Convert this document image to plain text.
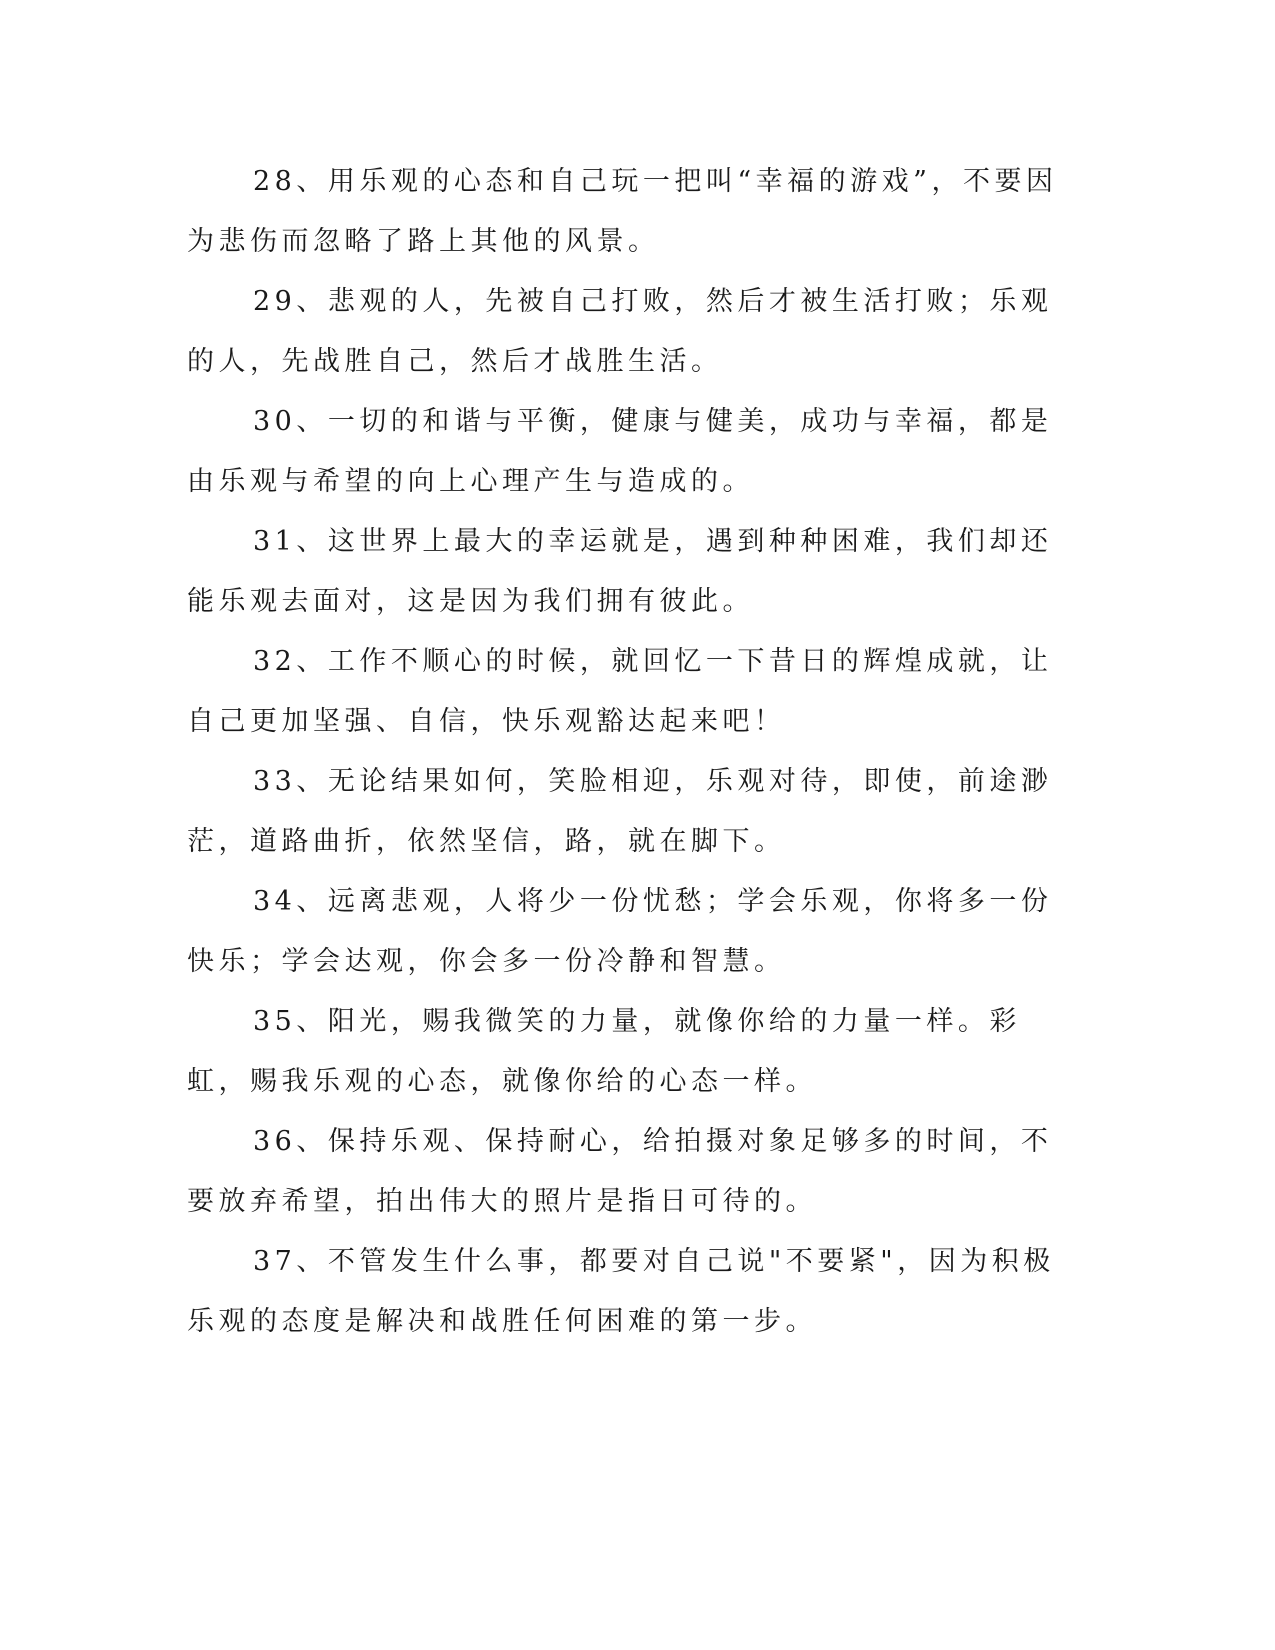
28、用乐观的心态和自己玩一把叫“幸福的游戏”，不要因为悲伤而忽略了路上其他的风景。

29、悲观的人，先被自己打败，然后才被生活打败；乐观的人，先战胜自己，然后才战胜生活。

30、一切的和谐与平衡，健康与健美，成功与幸福，都是由乐观与希望的向上心理产生与造成的。

31、这世界上最大的幸运就是，遇到种种困难，我们却还能乐观去面对，这是因为我们拥有彼此。

32、工作不顺心的时候，就回忆一下昔日的辉煌成就，让自己更加坚强、自信，快乐观豁达起来吧！

33、无论结果如何，笑脸相迎，乐观对待，即使，前途渺茫，道路曲折，依然坚信，路，就在脚下。

34、远离悲观，人将少一份忧愁；学会乐观，你将多一份快乐；学会达观，你会多一份冷静和智慧。

35、阳光，赐我微笑的力量，就像你给的力量一样。彩虹，赐我乐观的心态，就像你给的心态一样。

36、保持乐观、保持耐心，给拍摄对象足够多的时间，不要放弃希望，拍出伟大的照片是指日可待的。

37、不管发生什么事，都要对自己说"不要紧"，因为积极乐观的态度是解决和战胜任何困难的第一步。
